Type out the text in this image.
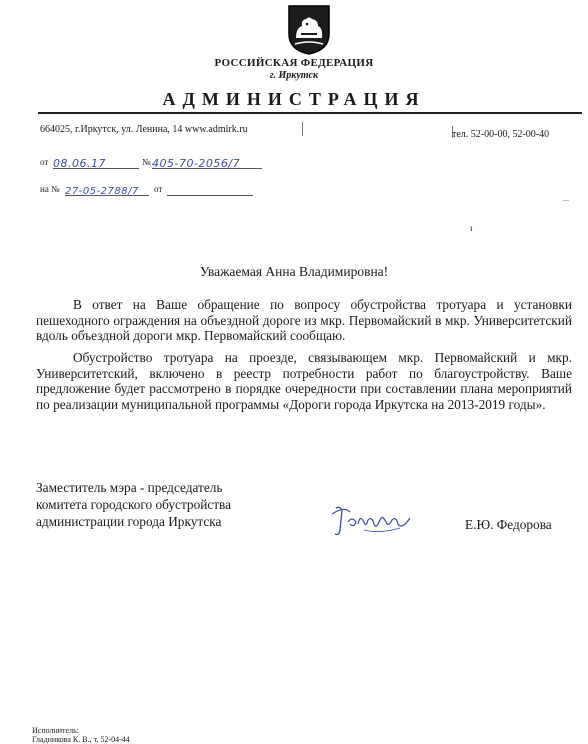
РОССИЙСКАЯ ФЕДЕРАЦИЯ
г. Иркутск
АДМИНИСТРАЦИЯ
664025, г.Иркутск, ул. Ленина, 14 www.admirk.ru	тел. 52-00-00, 52-00-40
от 08.06.17	№ 405-70-2056/7
на № 27-05-2788/7	от
ı
Уважаемая Анна Владимировна!
В ответ на Ваше обращение по вопросу обустройства тротуара и установки пешеходного ограждения на объездной дороге из мкр. Первомайский в мкр. Университетский вдоль объездной дороги мкр. Первомайский сообщаю.
Обустройство тротуара на проезде, связывающем мкр. Первомайский и мкр. Университетский, включено в реестр потребности работ по благоустройству. Ваше предложение будет рассмотрено в порядке очередности при составлении плана мероприятий по реализации муниципальной программы «Дороги города Иркутска на 2013-2019 годы».
Заместитель мэра - председатель
комитета городского обустройства
администрации города Иркутска	Е.Ю. Федорова
Исполнитель:
Гладникова К. В., т. 52-04-44
